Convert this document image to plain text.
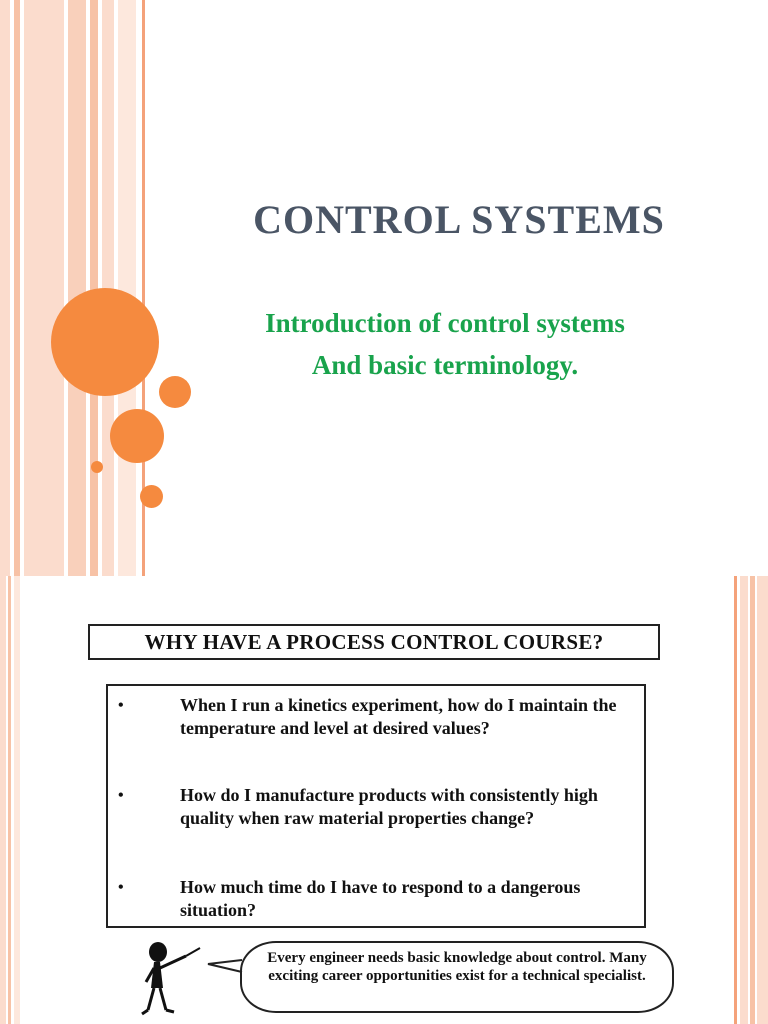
CONTROL SYSTEMS
Introduction of control systems
And basic terminology.
WHY HAVE A PROCESS CONTROL COURSE?
•	When I run a kinetics experiment, how do I maintain the temperature and level at desired values?
•	How do I manufacture products with consistently high quality when raw material properties change?
•	How much time do I have to respond to a dangerous situation?
Every engineer needs basic knowledge about control. Many exciting career opportunities exist for a technical specialist.
